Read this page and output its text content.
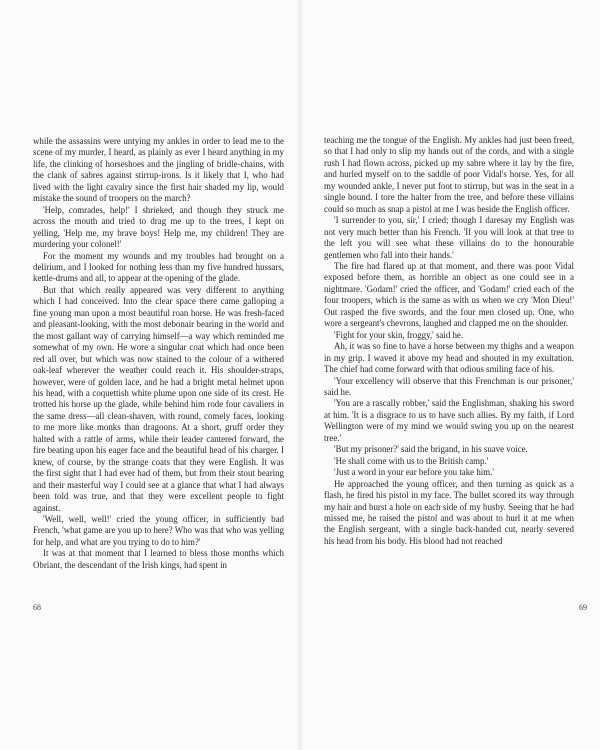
while the assassins were untying my ankles in order to lead me to the scene of my murder, I heard, as plainly as ever I heard anything in my life, the clinking of horseshoes and the jingling of bridle-chains, with the clank of sabres against stirrup-irons. Is it likely that I, who had lived with the light cavalry since the first hair shaded my lip, would mistake the sound of troopers on the march?

'Help, comrades, help!' I shrieked, and though they struck me across the mouth and tried to drag me up to the trees, I kept on yelling, 'Help me, my brave boys! Help me, my children! They are murdering your colonel!'

For the moment my wounds and my troubles had brought on a delirium, and I looked for nothing less than my five hundred hussars, kettle-drums and all, to appear at the opening of the glade.

But that which really appeared was very different to anything which I had conceived. Into the clear space there came galloping a fine young man upon a most beautiful roan horse. He was fresh-faced and pleasant-looking, with the most debonair bearing in the world and the most gallant way of carrying himself—a way which reminded me somewhat of my own. He wore a singular coat which had once been red all over, but which was now stained to the colour of a withered oak-leaf wherever the weather could reach it. His shoulder-straps, however, were of golden lace, and he had a bright metal helmet upon his head, with a coquettish white plume upon one side of its crest. He trotted his horse up the glade, while behind him rode four cavaliers in the same dress—all clean-shaven, with round, comely faces, looking to me more like monks than dragoons. At a short, gruff order they halted with a rattle of arms, while their leader cantered forward, the fire beating upon his eager face and the beautiful head of his charger. I knew, of course, by the strange coats that they were English. It was the first sight that I had ever had of them, but from their stout bearing and their masterful way I could see at a glance that what I had always been told was true, and that they were excellent people to fight against.

'Well, well, well!' cried the young officer, in sufficiently bad French, 'what game are you up to here? Who was that who was yelling for help, and what are you trying to do to him?'

It was at that moment that I learned to bless those months which Obriant, the descendant of the Irish kings, had spent in

68

teaching me the tongue of the English. My ankles had just been freed, so that I had only to slip my hands out of the cords, and with a single rush I had flown across, picked up my sabre where it lay by the fire, and hurled myself on to the saddle of poor Vidal's horse. Yes, for all my wounded ankle, I never put foot to stirrup, but was in the seat in a single bound. I tore the halter from the tree, and before these villains could so much as snap a pistol at me I was beside the English officer.

'I surrender to you, sir,' I cried; though I daresay my English was not very much better than his French. 'If you will look at that tree to the left you will see what these villains do to the honourable gentlemen who fall into their hands.'

The fire had flared up at that moment, and there was poor Vidal exposed before them, as horrible an object as one could see in a nightmare. 'Godam!' cried the officer, and 'Godam!' cried each of the four troopers, which is the same as with us when we cry 'Mon Dieu!' Out rasped the five swords, and the four men closed up. One, who wore a sergeant's chevrons, laughed and clapped me on the shoulder.

'Fight for your skin, froggy,' said he.

Ah, it was so fine to have a horse between my thighs and a weapon in my grip. I waved it above my head and shouted in my exultation. The chief had come forward with that odious smiling face of his.

'Your excellency will observe that this Frenchman is our prisoner,' said he.

'You are a rascally robber,' said the Englishman, shaking his sword at him. 'It is a disgrace to us to have such allies. By my faith, if Lord Wellington were of my mind we would swing you up on the nearest tree.'

'But my prisoner?' said the brigand, in his suave voice.

'He shall come with us to the British camp.'

'Just a word in your ear before you take him.'

He approached the young officer, and then turning as quick as a flash, he fired his pistol in my face. The bullet scored its way through my hair and burst a hole on each side of my busby. Seeing that he had missed me, he raised the pistol and was about to hurl it at me when the English sergeant, with a single back-handed cut, nearly severed his head from his body. His blood had not reached

69
